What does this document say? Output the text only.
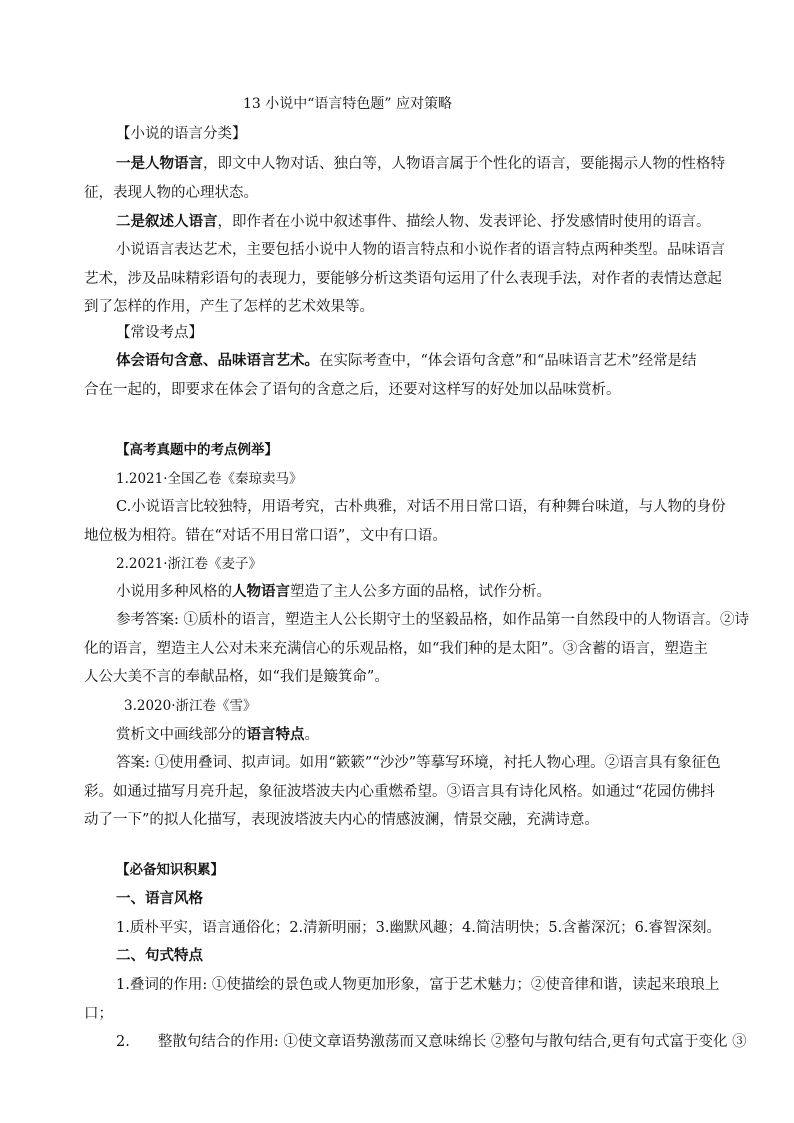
13 小说中“语言特色题” 应对策略
【小说的语言分类】
一是人物语言，即文中人物对话、独白等，人物语言属于个性化的语言，要能揭示人物的性格特
征，表现人物的心理状态。
二是叙述人语言，即作者在小说中叙述事件、描绘人物、发表评论、抒发感情时使用的语言。
小说语言表达艺术，主要包括小说中人物的语言特点和小说作者的语言特点两种类型。品味语言
艺术，涉及品味精彩语句的表现力，要能够分析这类语句运用了什么表现手法，对作者的表情达意起
到了怎样的作用，产生了怎样的艺术效果等。
【常设考点】
体会语句含意、品味语言艺术。在实际考查中，“体会语句含意”和“品味语言艺术”经常是结
合在一起的，即要求在体会了语句的含意之后，还要对这样写的好处加以品味赏析。
【高考真题中的考点例举】
1.2021·全国乙卷《秦琼卖马》
C.小说语言比较独特，用语考究，古朴典雅，对话不用日常口语，有种舞台味道，与人物的身份
地位极为相符。错在“对话不用日常口语”，文中有口语。
2.2021·浙江卷《麦子》
小说用多种风格的人物语言塑造了主人公多方面的品格，试作分析。
参考答案: ①质朴的语言，塑造主人公长期守土的坚毅品格，如作品第一自然段中的人物语言。②诗
化的语言，塑造主人公对未来充满信心的乐观品格，如“我们种的是太阳”。③含蓄的语言，塑造主
人公大美不言的奉献品格，如“我们是簸箕命”。
3.2020·浙江卷《雪》
赏析文中画线部分的语言特点。
答案: ①使用叠词、拟声词。如用“簌簌”“沙沙”等摹写环境，衬托人物心理。②语言具有象征色
彩。如通过描写月亮升起，象征波塔波夫内心重燃希望。③语言具有诗化风格。如通过“花园仿佛抖
动了一下”的拟人化描写，表现波塔波夫内心的情感波澜，情景交融，充满诗意。
【必备知识积累】
一、语言风格
1.质朴平实，语言通俗化；2.清新明丽；3.幽默风趣；4.简洁明快；5.含蓄深沉；6.睿智深刻。
二、句式特点
1.叠词的作用: ①使描绘的景色或人物更加形象，富于艺术魅力；②使音律和谐，读起来琅琅上
口；
2. 整散句结合的作用: ①使文章语势激荡而又意味绵长 ②整句与散句结合,更有句式富于变化 ③
